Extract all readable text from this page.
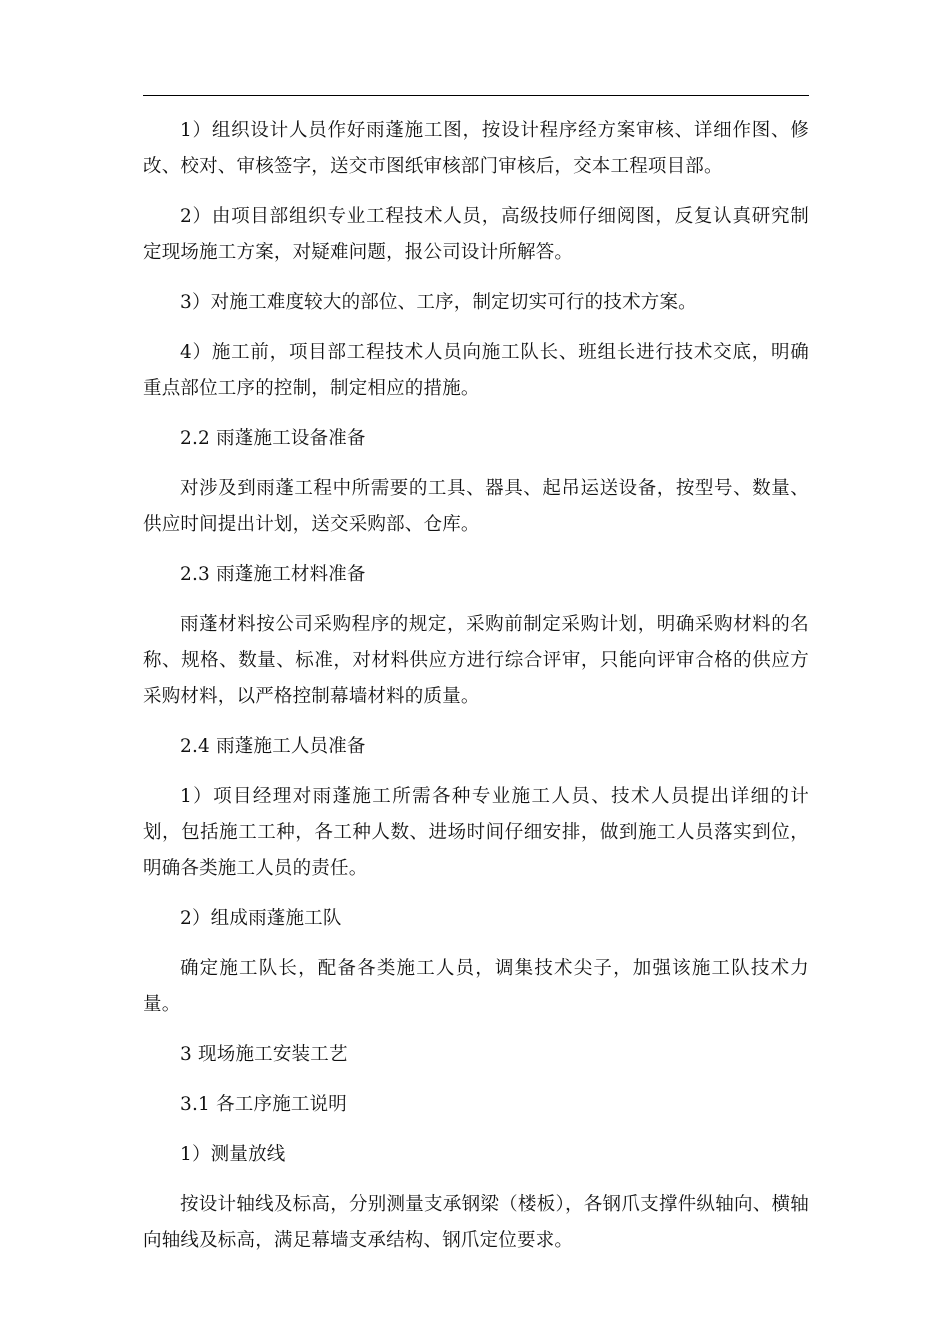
1）组织设计人员作好雨蓬施工图，按设计程序经方案审核、详细作图、修改、校对、审核签字，送交市图纸审核部门审核后，交本工程项目部。

2）由项目部组织专业工程技术人员，高级技师仔细阅图，反复认真研究制定现场施工方案，对疑难问题，报公司设计所解答。

3）对施工难度较大的部位、工序，制定切实可行的技术方案。

4）施工前，项目部工程技术人员向施工队长、班组长进行技术交底，明确重点部位工序的控制，制定相应的措施。

2.2 雨蓬施工设备准备

对涉及到雨蓬工程中所需要的工具、器具、起吊运送设备，按型号、数量、供应时间提出计划，送交采购部、仓库。

2.3 雨蓬施工材料准备

雨蓬材料按公司采购程序的规定，采购前制定采购计划，明确采购材料的名称、规格、数量、标准，对材料供应方进行综合评审，只能向评审合格的供应方采购材料，以严格控制幕墙材料的质量。

2.4 雨蓬施工人员准备

1）项目经理对雨蓬施工所需各种专业施工人员、技术人员提出详细的计划，包括施工工种，各工种人数、进场时间仔细安排，做到施工人员落实到位，明确各类施工人员的责任。

2）组成雨蓬施工队

确定施工队长，配备各类施工人员，调集技术尖子，加强该施工队技术力量。

3 现场施工安装工艺

3.1 各工序施工说明

1）测量放线

按设计轴线及标高，分别测量支承钢梁（楼板），各钢爪支撑件纵轴向、横轴向轴线及标高，满足幕墙支承结构、钢爪定位要求。
